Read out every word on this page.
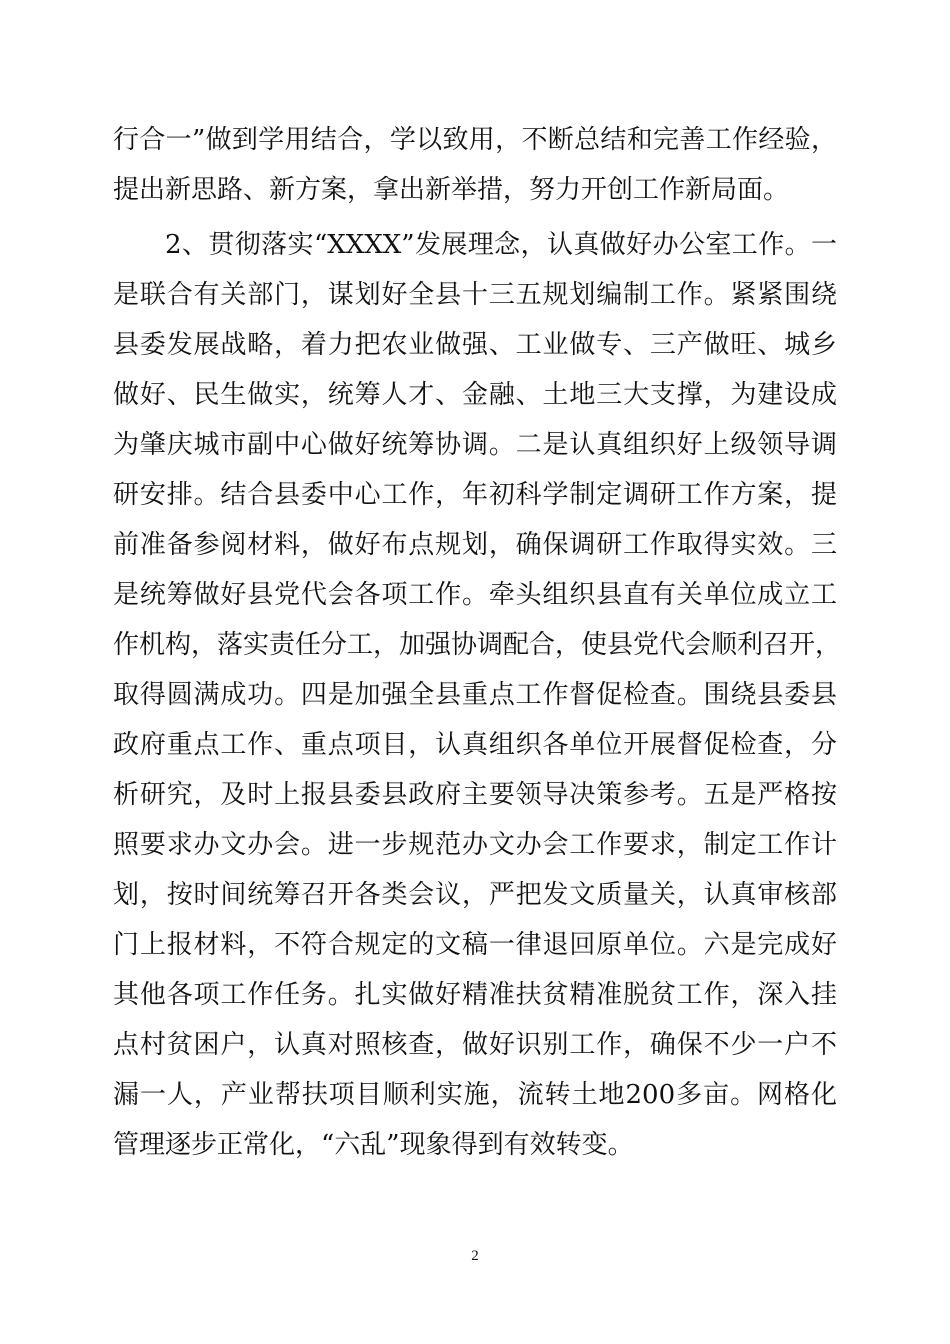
行合一”做到学用结合，学以致用，不断总结和完善工作经验，
提出新思路、新方案，拿出新举措，努力开创工作新局面。
2、贯彻落实“XXXX”发展理念，认真做好办公室工作。一
是联合有关部门，谋划好全县十三五规划编制工作。紧紧围绕
县委发展战略，着力把农业做强、工业做专、三产做旺、城乡
做好、民生做实，统筹人才、金融、土地三大支撑，为建设成
为肇庆城市副中心做好统筹协调。二是认真组织好上级领导调
研安排。结合县委中心工作，年初科学制定调研工作方案，提
前准备参阅材料，做好布点规划，确保调研工作取得实效。三
是统筹做好县党代会各项工作。牵头组织县直有关单位成立工
作机构，落实责任分工，加强协调配合，使县党代会顺利召开，
取得圆满成功。四是加强全县重点工作督促检查。围绕县委县
政府重点工作、重点项目，认真组织各单位开展督促检查，分
析研究，及时上报县委县政府主要领导决策参考。五是严格按
照要求办文办会。进一步规范办文办会工作要求，制定工作计
划，按时间统筹召开各类会议，严把发文质量关，认真审核部
门上报材料，不符合规定的文稿一律退回原单位。六是完成好
其他各项工作任务。扎实做好精准扶贫精准脱贫工作，深入挂
点村贫困户，认真对照核查，做好识别工作，确保不少一户不
漏一人，产业帮扶项目顺利实施，流转土地200多亩。网格化
管理逐步正常化，“六乱”现象得到有效转变。
2
